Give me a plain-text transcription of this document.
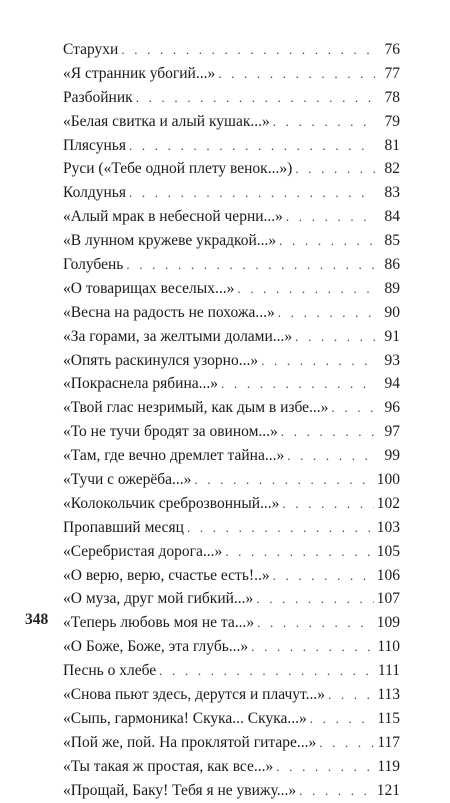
Старухи . . .	76
«Я странник убогий...» . . .	77
Разбойник . . .	78
«Белая свитка и алый кушак...» . . .	79
Плясунья . . .	81
Руси («Тебе одной плету венок...») . . .	82
Колдунья . . .	83
«Алый мрак в небесной черни...» . . .	84
«В лунном кружеве украдкой...» . . .	85
Голубень . . .	86
«О товарищах веселых...» . . .	89
«Весна на радость не похожа...» . . .	90
«За горами, за желтыми долами...» . . .	91
«Опять раскинулся узорно...» . . .	93
«Покраснела рябина...» . . .	94
«Твой глас незримый, как дым в избе...» . . .	96
«То не тучи бродят за овином...» . . .	97
«Там, где вечно дремлет тайна...» . . .	99
«Тучи с ожерёба...» . . .	100
«Колокольчик среброзвонный...» . . .	102
Пропавший месяц . . .	103
«Серебристая дорога...» . . .	105
«О верю, верю, счастье есть!..» . . .	106
«О муза, друг мой гибкий...» . . .	107
«Теперь любовь моя не та...» . . .	109
«О Боже, Боже, эта глубь...» . . .	110
Песнь о хлебе . . .	111
«Снова пьют здесь, дерутся и плачут...» . . .	113
«Сыпь, гармоника! Скука... Скука...» . . .	115
«Пой же, пой. На проклятой гитаре...» . . .	117
«Ты такая ж простая, как все...» . . .	119
«Прощай, Баку! Тебя я не увижу...» . . .	121
348
